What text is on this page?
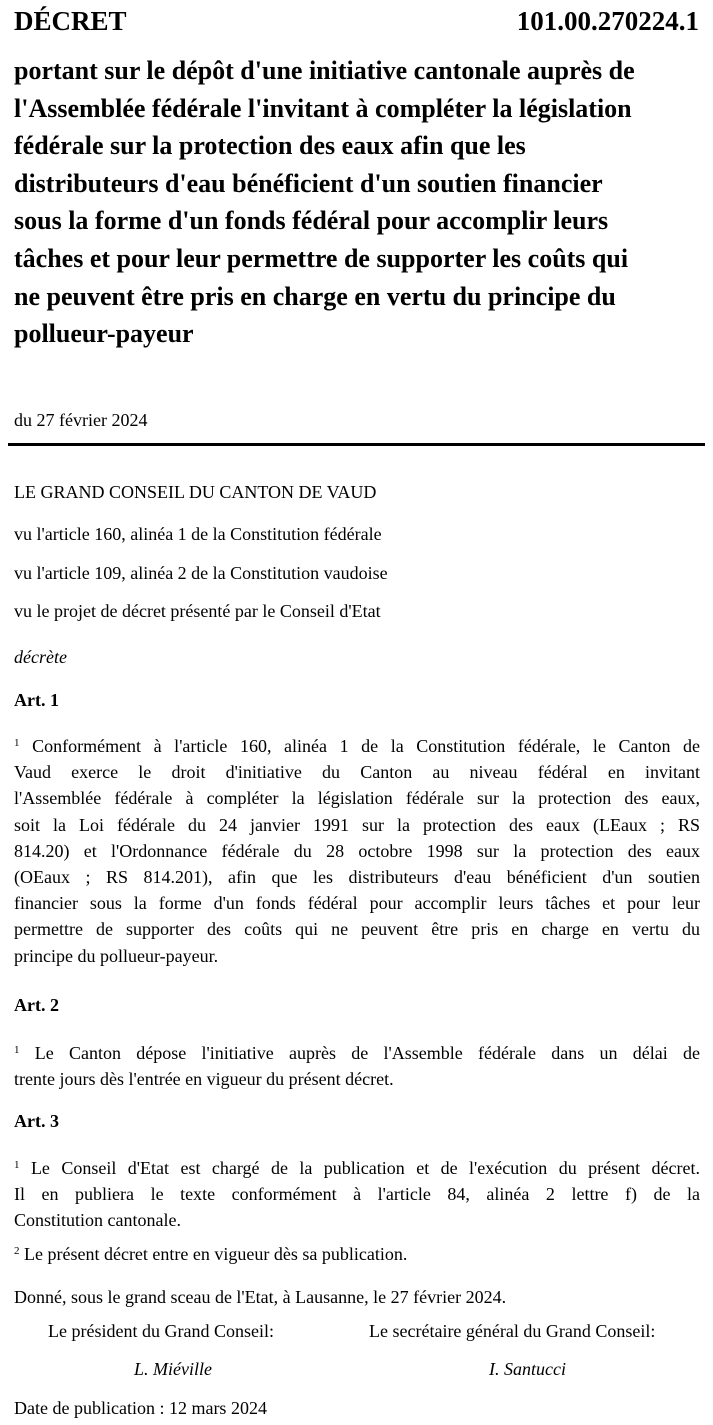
DÉCRET	101.00.270224.1
portant sur le dépôt d'une initiative cantonale auprès de
l'Assemblée fédérale l'invitant à compléter la législation
fédérale sur la protection des eaux afin que les
distributeurs d'eau bénéficient d'un soutien financier
sous la forme d'un fonds fédéral pour accomplir leurs
tâches et pour leur permettre de supporter les coûts qui
ne peuvent être pris en charge en vertu du principe du
pollueur-payeur
du 27 février 2024
LE GRAND CONSEIL DU CANTON DE VAUD
vu l'article 160, alinéa 1 de la Constitution fédérale
vu l'article 109, alinéa 2 de la Constitution vaudoise
vu le projet de décret présenté par le Conseil d'Etat
décrète
Art. 1
$^1$ Conformément à l'article 160, alinéa 1 de la Constitution fédérale, le Canton de
Vaud exerce le droit d'initiative du Canton au niveau fédéral en invitant
l'Assemblée fédérale à compléter la législation fédérale sur la protection des eaux,
soit la Loi fédérale du 24 janvier 1991 sur la protection des eaux (LEaux ; RS
814.20) et l'Ordonnance fédérale du 28 octobre 1998 sur la protection des eaux
(OEaux ; RS 814.201), afin que les distributeurs d'eau bénéficient d'un soutien
financier sous la forme d'un fonds fédéral pour accomplir leurs tâches et pour leur
permettre de supporter des coûts qui ne peuvent être pris en charge en vertu du
principe du pollueur-payeur.
Art. 2
$^1$ Le Canton dépose l'initiative auprès de l'Assemble fédérale dans un délai de
trente jours dès l'entrée en vigueur du présent décret.
Art. 3
$^1$ Le Conseil d'Etat est chargé de la publication et de l'exécution du présent décret.
Il en publiera le texte conformément à l'article 84, alinéa 2 lettre f) de la
Constitution cantonale.
$^2$ Le présent décret entre en vigueur dès sa publication.
Donné, sous le grand sceau de l'Etat, à Lausanne, le 27 février 2024.
Le président du Grand Conseil:
L. Miéville
Le secrétaire général du Grand Conseil:
I. Santucci
Date de publication : 12 mars 2024
